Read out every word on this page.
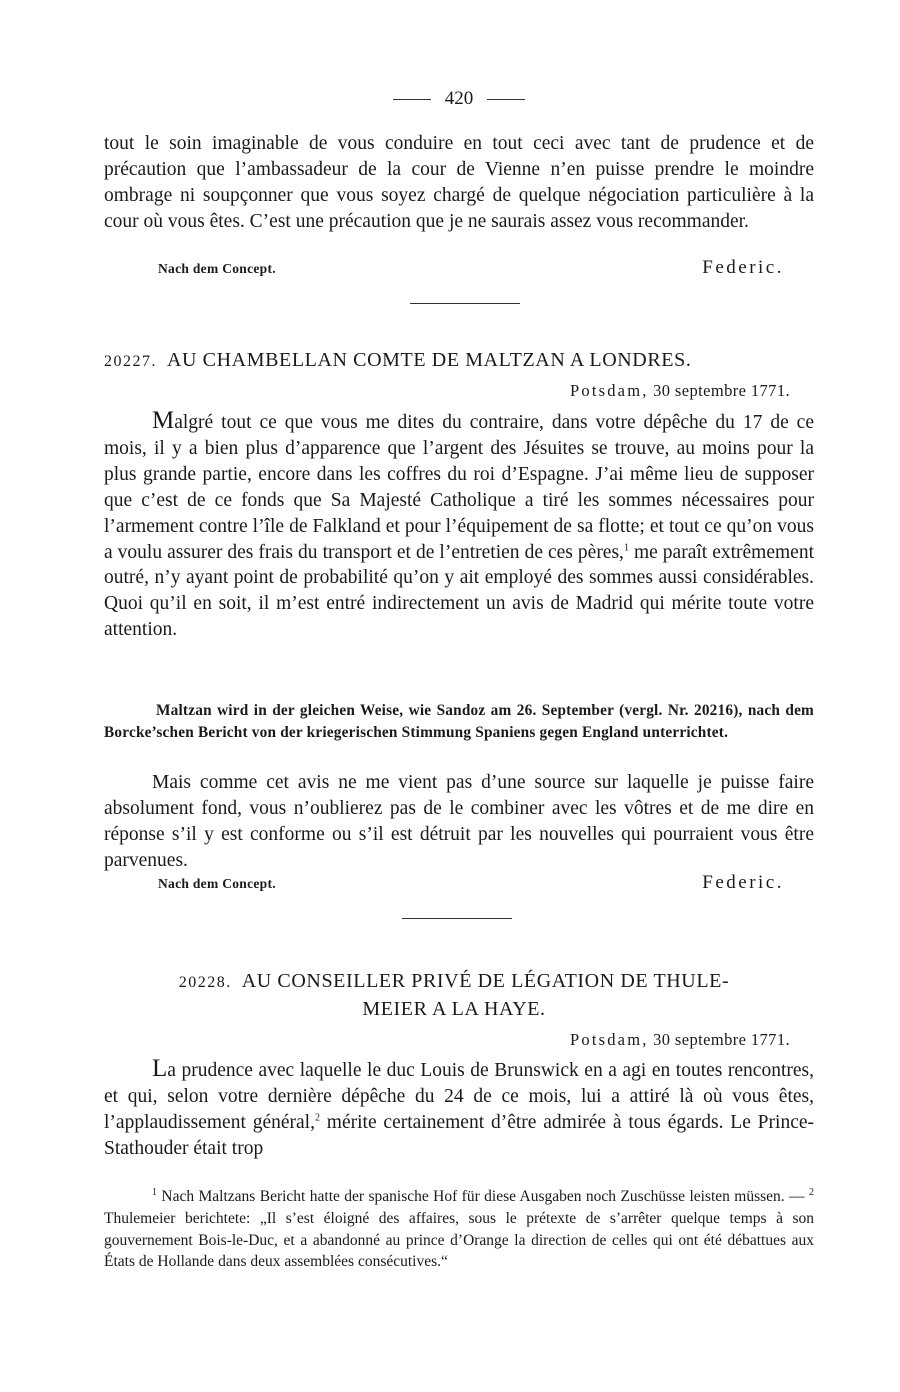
420

tout le soin imaginable de vous conduire en tout ceci avec tant de prudence et de précaution que l’ambassadeur de la cour de Vienne n’en puisse prendre le moindre ombrage ni soupçonner que vous soyez chargé de quelque négociation particulière à la cour où vous êtes. C’est une précaution que je ne saurais assez vous recommander.

Nach dem Concept.	Federic.
20227. AU CHAMBELLAN COMTE DE MALTZAN A LONDRES.
Potsdam, 30 septembre 1771.

Malgré tout ce que vous me dites du contraire, dans votre dépêche du 17 de ce mois, il y a bien plus d’apparence que l’argent des Jésuites se trouve, au moins pour la plus grande partie, encore dans les coffres du roi d’Espagne. J’ai même lieu de supposer que c’est de ce fonds que Sa Majesté Catholique a tiré les sommes nécessaires pour l’armement contre l’île de Falkland et pour l’équipement de sa flotte; et tout ce qu’on vous a voulu assurer des frais du transport et de l’entretien de ces pères,$^1$ me paraît extrêmement outré, n’y ayant point de probabilité qu’on y ait employé des sommes aussi considérables. Quoi qu’il en soit, il m’est entré indirectement un avis de Madrid qui mérite toute votre attention.

Maltzan wird in der gleichen Weise, wie Sandoz am 26. September (vergl. Nr. 20216), nach dem Borcke’schen Bericht von der kriegerischen Stimmung Spaniens gegen England unterrichtet.

Mais comme cet avis ne me vient pas d’une source sur laquelle je puisse faire absolument fond, vous n’oublierez pas de le combiner avec les vôtres et de me dire en réponse s’il y est conforme ou s’il est détruit par les nouvelles qui pourraient vous être parvenues.

Nach dem Concept.	Federic.
20228. AU CONSEILLER PRIVÉ DE LÉGATION DE THULE-
MEIER A LA HAYE.
Potsdam, 30 septembre 1771.

La prudence avec laquelle le duc Louis de Brunswick en a agi en toutes rencontres, et qui, selon votre dernière dépêche du 24 de ce mois, lui a attiré là où vous êtes, l’applaudissement général,$^2$ mérite certainement d’être admirée à tous égards. Le Prince-Stathouder était trop

$^1$ Nach Maltzans Bericht hatte der spanische Hof für diese Ausgaben noch Zuschüsse leisten müssen. — $^2$ Thulemeier berichtete: „Il s’est éloigné des affaires, sous le prétexte de s’arrêter quelque temps à son gouvernement Bois-le-Duc, et a abandonné au prince d’Orange la direction de celles qui ont été débattues aux États de Hollande dans deux assemblées consécutives.“
